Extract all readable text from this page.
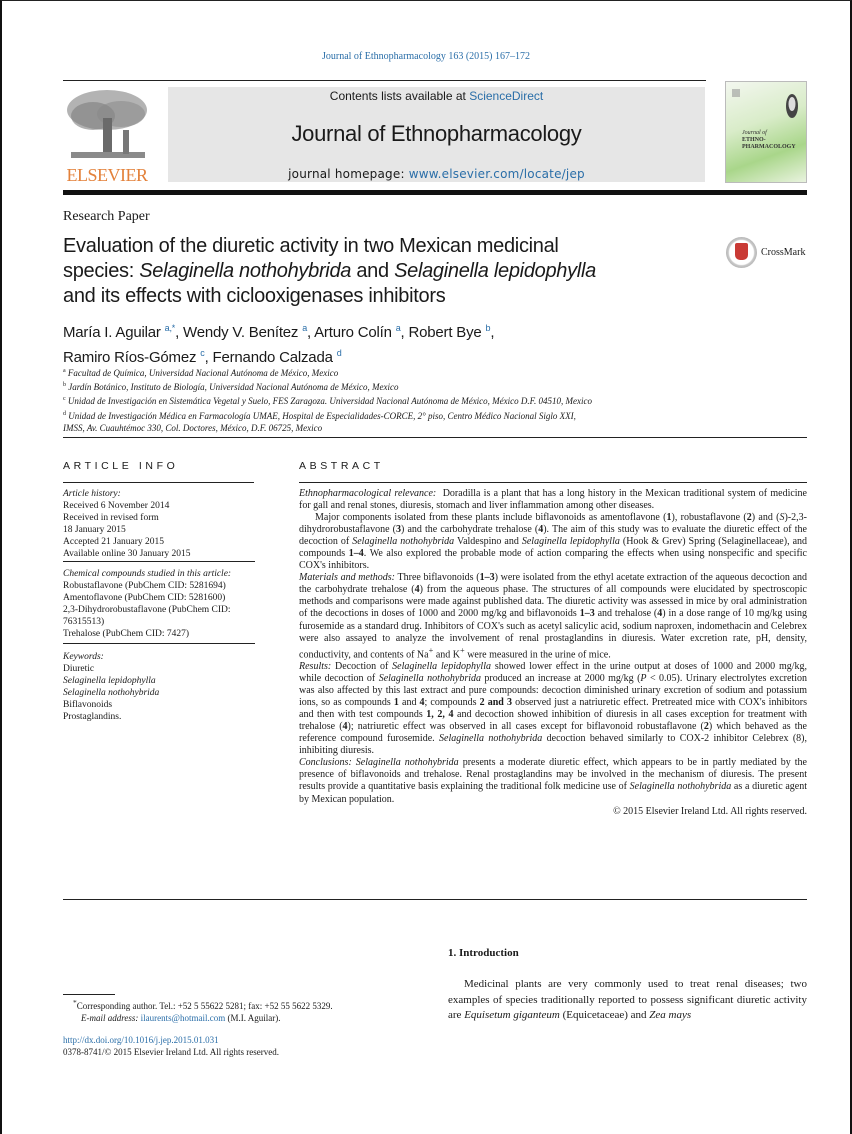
Journal of Ethnopharmacology 163 (2015) 167–172
ELSEVIER
Contents lists available at ScienceDirect
Journal of Ethnopharmacology
journal homepage: www.elsevier.com/locate/jep
Journal of
ETHNO-
PHARMACOLOGY
Research Paper
Evaluation of the diuretic activity in two Mexican medicinal
species: Selaginella nothohybrida and Selaginella lepidophylla
and its effects with ciclooxigenases inhibitors
CrossMark
María I. Aguilar $^{a,*}$, Wendy V. Benítez $^a$, Arturo Colín $^a$, Robert Bye $^b$,
Ramiro Ríos-Gómez $^c$, Fernando Calzada $^d$
$^a$ Facultad de Química, Universidad Nacional Autónoma de México, Mexico
$^b$ Jardín Botánico, Instituto de Biología, Universidad Nacional Autónoma de México, Mexico
$^c$ Unidad de Investigación en Sistemática Vegetal y Suelo, FES Zaragoza. Universidad Nacional Autónoma de México, México D.F. 04510, Mexico
$^d$ Unidad de Investigación Médica en Farmacología UMAE, Hospital de Especialidades-CORCE, 2° piso, Centro Médico Nacional Siglo XXI,
IMSS, Av. Cuauhtémoc 330, Col. Doctores, México, D.F. 06725, Mexico
ARTICLE INFO	ABSTRACT
Article history:
Received 6 November 2014
Received in revised form
18 January 2015
Accepted 21 January 2015
Available online 30 January 2015
Chemical compounds studied in this article:
Robustaflavone (PubChem CID: 5281694)
Amentoflavone (PubChem CID: 5281600)
2,3-Dihydrorobustaflavone (PubChem CID:
76315513)
Trehalose (PubChem CID: 7427)
Keywords:
Diuretic
Selaginella lepidophylla
Selaginella nothohybrida
Biflavonoids
Prostaglandins.

Ethnopharmacological relevance: Doradilla is a plant that has a long history in the Mexican traditional system of medicine for gall and renal stones, diuresis, stomach and liver inflammation among other diseases.

Major components isolated from these plants include biflavonoids as amentoflavone (1), robustaflavone (2) and (S)-2,3-dihydrorobustaflavone (3) and the carbohydrate trehalose (4). The aim of this study was to evaluate the diuretic effect of the decoction of Selaginella nothohybrida Valdespino and Selaginella lepidophylla (Hook & Grev) Spring (Selaginellaceae), and compounds 1–4. We also explored the probable mode of action comparing the effects when using nonspecific and specific COX's inhibitors.

Materials and methods: Three biflavonoids (1–3) were isolated from the ethyl acetate extraction of the aqueous decoction and the carbohydrate trehalose (4) from the aqueous phase. The structures of all compounds were elucidated by spectroscopic methods and comparisons were made against published data. The diuretic activity was assessed in mice by oral administration of the decoctions in doses of 1000 and 2000 mg/kg and biflavonoids 1–3 and trehalose (4) in a dose range of 10 mg/kg using furosemide as a standard drug. Inhibitors of COX's such as acetyl salicylic acid, sodium naproxen, indomethacin and Celebrex were also assayed to analyze the involvement of renal prostaglandins in diuresis. Water excretion rate, pH, density, conductivity, and contents of Na+ and K+ were measured in the urine of mice.

Results: Decoction of Selaginella lepidophylla showed lower effect in the urine output at doses of 1000 and 2000 mg/kg, while decoction of Selaginella nothohybrida produced an increase at 2000 mg/kg (P < 0.05). Urinary electrolytes excretion was also affected by this last extract and pure compounds: decoction diminished urinary excretion of sodium and potassium ions, so as compounds 1 and 4; compounds 2 and 3 observed just a natriuretic effect. Pretreated mice with COX's inhibitors and then with test compounds 1, 2, 4 and decoction showed inhibition of diuresis in all cases exception for treatment with trehalose (4); natriuretic effect was observed in all cases except for biflavonoid robustaflavone (2) which behaved as the reference compound furosemide. Selaginella nothohybrida decoction behaved similarly to COX-2 inhibitor Celebrex (8), inhibiting diuresis.

Conclusions: Selaginella nothohybrida presents a moderate diuretic effect, which appears to be in partly mediated by the presence of biflavonoids and trehalose. Renal prostaglandins may be involved in the mechanism of diuresis. The present results provide a quantitative basis explaining the traditional folk medicine use of Selaginella nothohybrida as a diuretic agent by Mexican population.

© 2015 Elsevier Ireland Ltd. All rights reserved.

1. Introduction
Medicinal plants are very commonly used to treat renal diseases; two examples of species traditionally reported to possess significant diuretic activity are Equisetum giganteum (Equicetaceae) and Zea mays
*Corresponding author. Tel.: +52 5 55622 5281; fax: +52 55 5622 5329.
E-mail address: ilaurents@hotmail.com (M.I. Aguilar).
http://dx.doi.org/10.1016/j.jep.2015.01.031
0378-8741/© 2015 Elsevier Ireland Ltd. All rights reserved.
